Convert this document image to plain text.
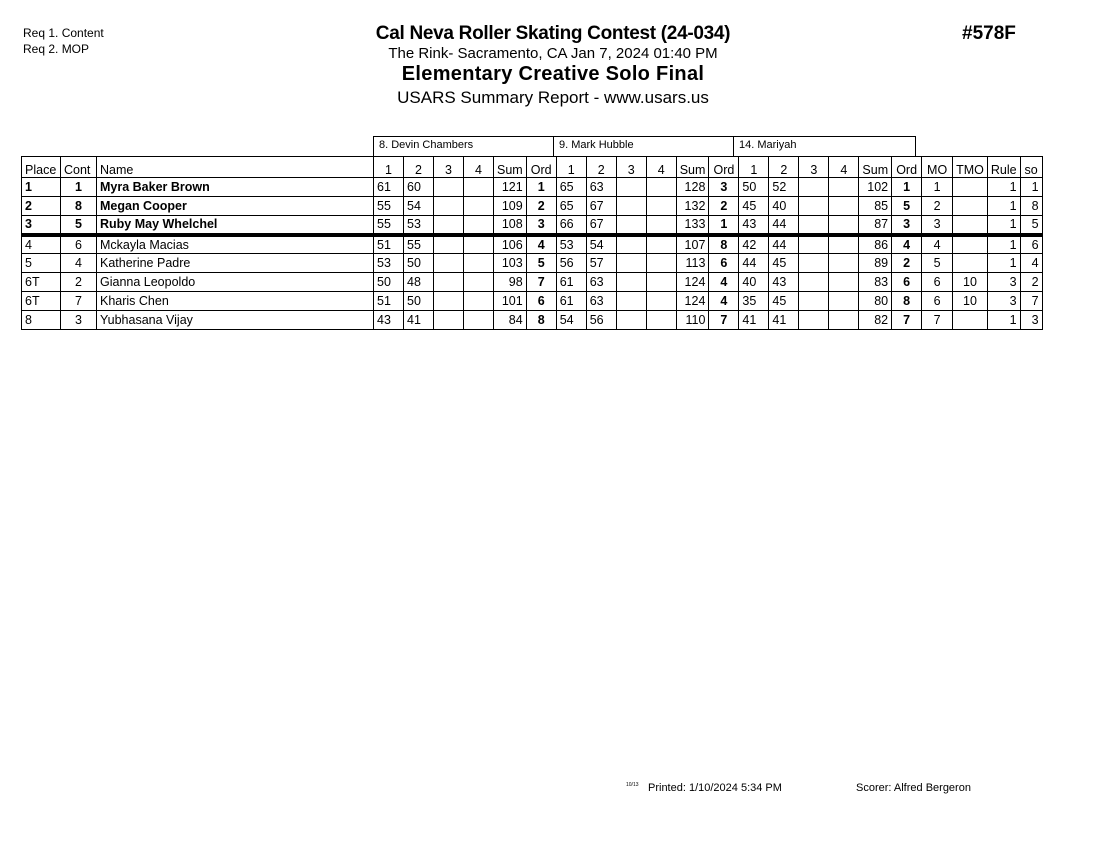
Req 1. Content
Req 2. MOP
#578F
Cal Neva Roller Skating Contest (24-034)
The Rink- Sacramento, CA Jan 7, 2024 01:40 PM
Elementary Creative Solo Final
USARS Summary Report - www.usars.us
8. Devin Chambers	9. Mark Hubble	14. Mariyah
Place	Cont	Name	1	2	3	4	Sum	Ord	1	2	3	4	Sum	Ord	1	2	3	4	Sum	Ord	MO	TMO	Rule	so
1	1	Myra Baker Brown	61	60			121	1	65	63			128	3	50	52			102	1	1		1	1
2	8	Megan Cooper	55	54			109	2	65	67			132	2	45	40			85	5	2		1	8
3	5	Ruby May Whelchel	55	53			108	3	66	67			133	1	43	44			87	3	3		1	5
4	6	Mckayla Macias	51	55			106	4	53	54			107	8	42	44			86	4	4		1	6
5	4	Katherine Padre	53	50			103	5	56	57			113	6	44	45			89	2	5		1	4
6T	2	Gianna Leopoldo	50	48			98	7	61	63			124	4	40	43			83	6	6	10	3	2
6T	7	Kharis Chen	51	50			101	6	61	63			124	4	35	45			80	8	6	10	3	7
8	3	Yubhasana Vijay	43	41			84	8	54	56			110	7	41	41			82	7	7		1	3
10/13 Printed: 1/10/2024 5:34 PM	Scorer: Alfred Bergeron
